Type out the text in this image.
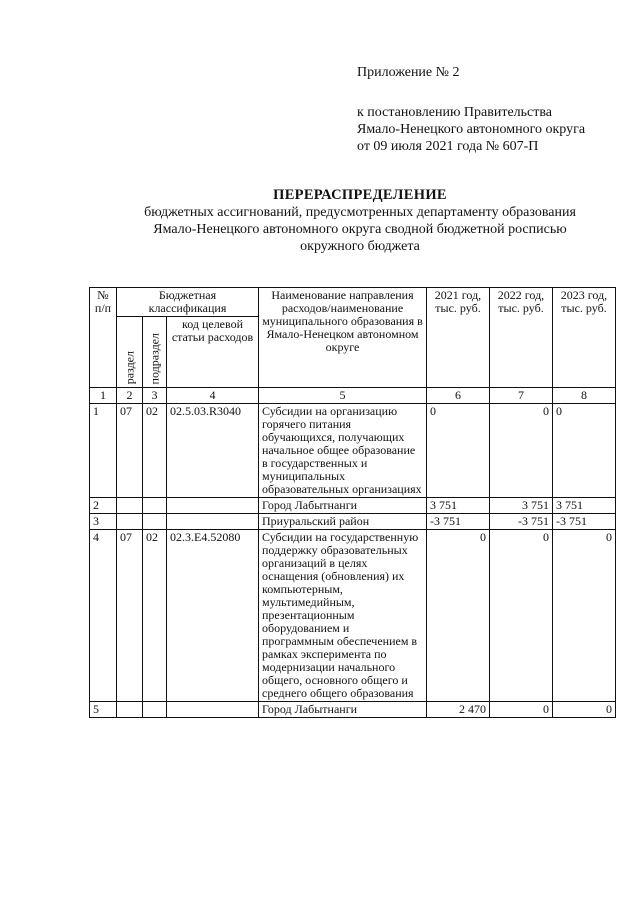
Приложение № 2
к постановлению Правительства
Ямало-Ненецкого автономного округа
от 09 июля 2021 года № 607-П
ПЕРЕРАСПРЕДЕЛЕНИЕ
бюджетных ассигнований, предусмотренных департаменту образования
Ямало-Ненецкого автономного округа сводной бюджетной росписью
окружного бюджета
№ п/п	Бюджетная классификация			Наименование направления расходов/наименование муниципального образования в Ямало-Ненецком автономном округе	2021 год, тыс. руб.	2022 год, тыс. руб.	2023 год, тыс. руб.

	раздел	подраздел	код целевой статьи расходов				
1	2	3	4	5	6	7	8
1	07	02	02.5.03.R3040	Субсидии на организацию горячего питания обучающихся, получающих начальное общее образование в государственных и муниципальных образовательных организациях	0	0	0
2				Город Лабытнанги	3 751	3 751	3 751
3				Приуральский район	-3 751	-3 751	-3 751
4	07	02	02.3.E4.52080	Субсидии на государственную поддержку образовательных организаций в целях оснащения (обновления) их компьютерным, мультимедийным, презентационным оборудованием и программным обеспечением в рамках эксперимента по модернизации начального общего, основного общего и среднего общего образования	0	0	0
5				Город Лабытнанги	2 470	0	0
